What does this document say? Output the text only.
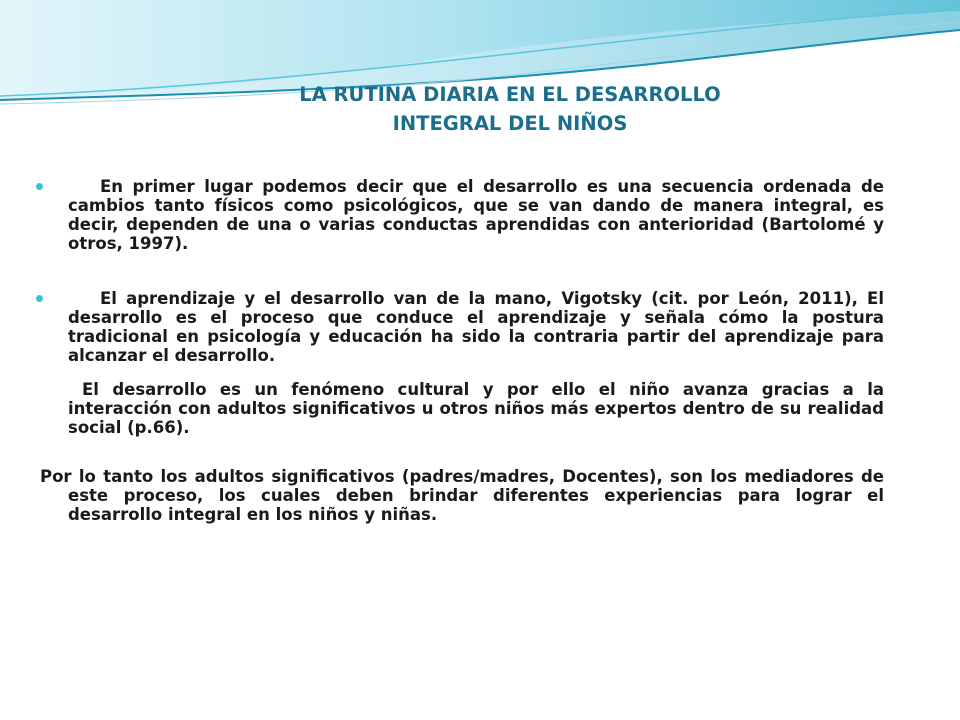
LA RUTINA DIARIA EN EL DESARROLLO
INTEGRAL DEL NIÑOS
En primer lugar podemos decir que el desarrollo es una secuencia ordenada de cambios tanto físicos como psicológicos, que se van dando de manera integral, es decir, dependen de una o varias conductas aprendidas con anterioridad (Bartolomé y otros, 1997).
El aprendizaje y el desarrollo van de la mano, Vigotsky (cit. por León, 2011), El desarrollo es el proceso que conduce el aprendizaje y señala cómo la postura tradicional en psicología y educación ha sido la contraria partir del aprendizaje para alcanzar el desarrollo.
El desarrollo es un fenómeno cultural y por ello el niño avanza gracias a la interacción con adultos significativos u otros niños más expertos dentro de su realidad social (p.66).
Por lo tanto los adultos significativos (padres/madres, Docentes), son los mediadores de este proceso, los cuales deben brindar diferentes experiencias para lograr el desarrollo integral en los niños y niñas.
